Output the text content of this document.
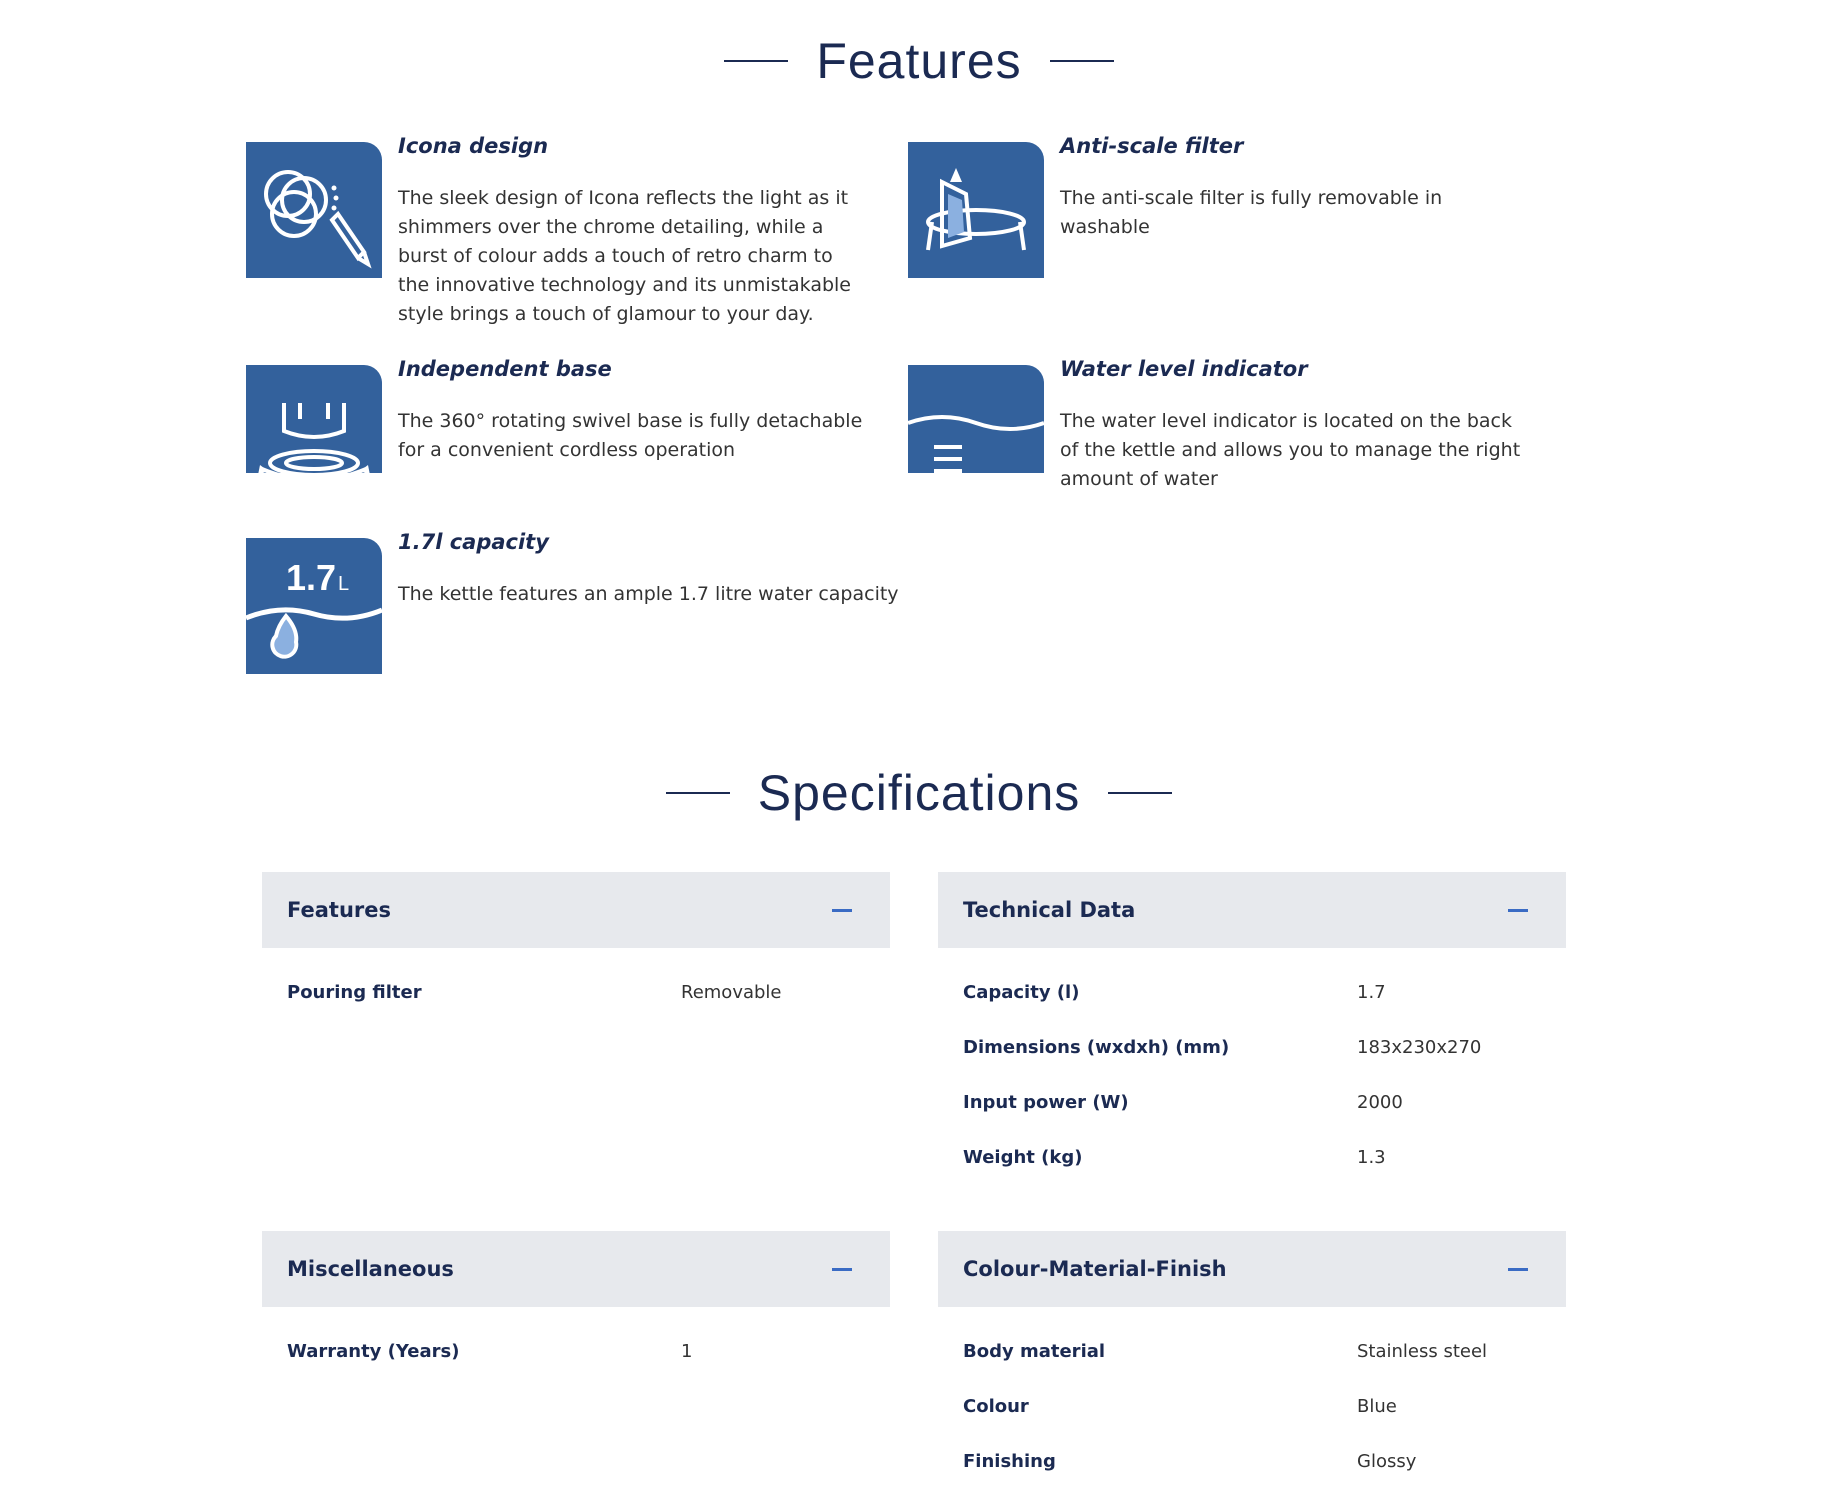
Features
Icona design
The sleek design of Icona reflects the light as it shimmers over the chrome detailing, while a burst of colour adds a touch of retro charm to the innovative technology and its unmistakable style brings a touch of glamour to your day.
Anti-scale filter
The anti-scale filter is fully removable in washable
Independent base
The 360° rotating swivel base is fully detachable for a convenient cordless operation
Water level indicator
The water level indicator is located on the back of the kettle and allows you to manage the right amount of water
1.7 L
1.7l capacity
The kettle features an ample 1.7 litre water capacity
Specifications
Features
Pouring filter	Removable
Technical Data
Capacity (l)	1.7
Dimensions (wxdxh) (mm)	183x230x270
Input power (W)	2000
Weight (kg)	1.3
Miscellaneous
Warranty (Years)	1
Colour-Material-Finish
Body material	Stainless steel
Colour	Blue
Finishing	Glossy
